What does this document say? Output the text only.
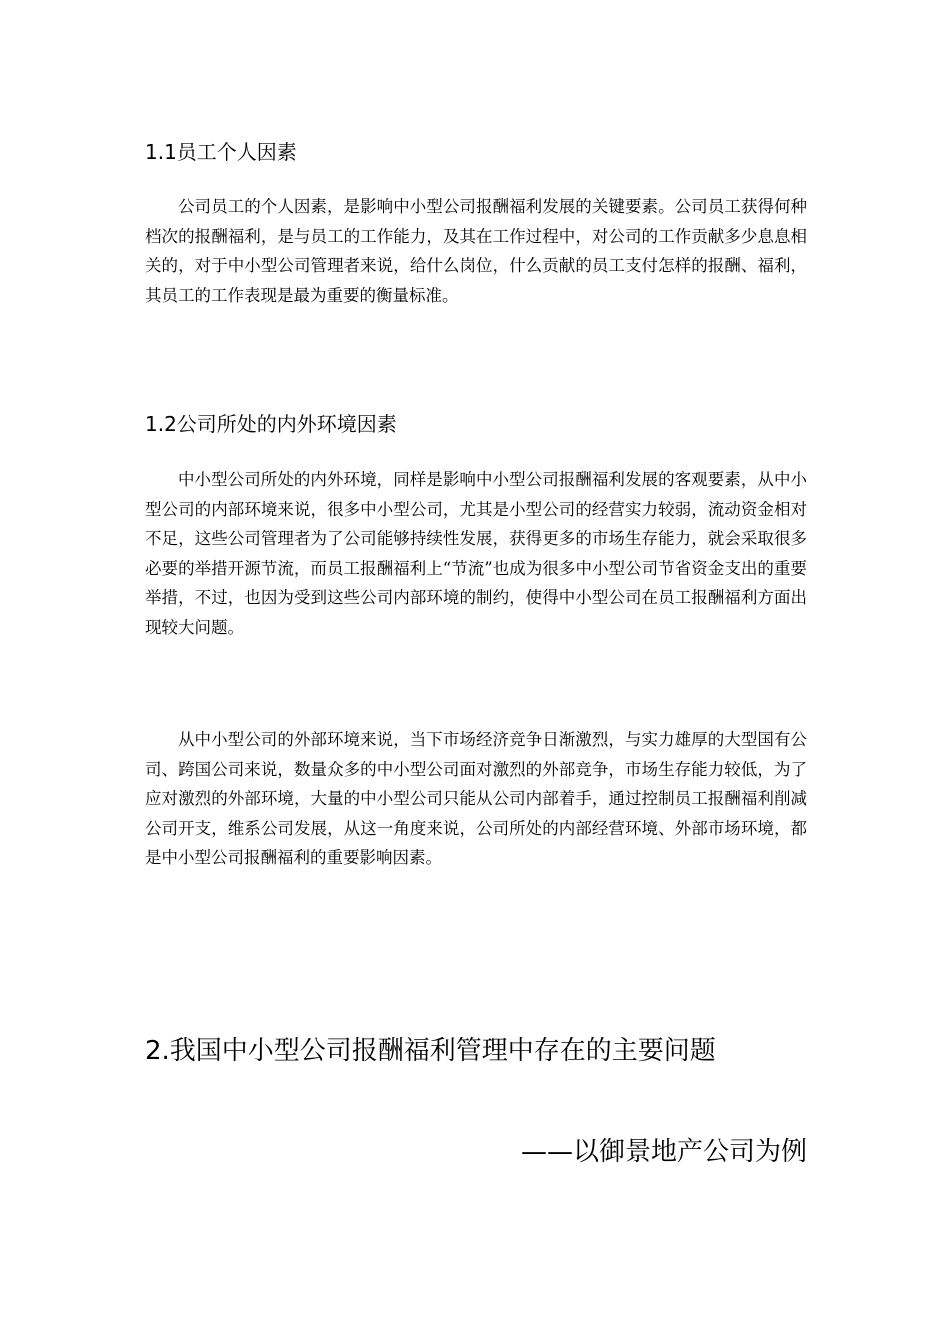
1.1员工个人因素

公司员工的个人因素，是影响中小型公司报酬福利发展的关键要素。公司员工获得何种档次的报酬福利，是与员工的工作能力，及其在工作过程中，对公司的工作贡献多少息息相关的，对于中小型公司管理者来说，给什么岗位，什么贡献的员工支付怎样的报酬、福利，其员工的工作表现是最为重要的衡量标准。

1.2公司所处的内外环境因素

中小型公司所处的内外环境，同样是影响中小型公司报酬福利发展的客观要素，从中小型公司的内部环境来说，很多中小型公司，尤其是小型公司的经营实力较弱，流动资金相对不足，这些公司管理者为了公司能够持续性发展，获得更多的市场生存能力，就会采取很多必要的举措开源节流，而员工报酬福利上“节流”也成为很多中小型公司节省资金支出的重要举措，不过，也因为受到这些公司内部环境的制约，使得中小型公司在员工报酬福利方面出现较大问题。

从中小型公司的外部环境来说，当下市场经济竞争日渐激烈，与实力雄厚的大型国有公司、跨国公司来说，数量众多的中小型公司面对激烈的外部竞争，市场生存能力较低，为了应对激烈的外部环境，大量的中小型公司只能从公司内部着手，通过控制员工报酬福利削减公司开支，维系公司发展，从这一角度来说，公司所处的内部经营环境、外部市场环境，都是中小型公司报酬福利的重要影响因素。

2.我国中小型公司报酬福利管理中存在的主要问题
——以御景地产公司为例
